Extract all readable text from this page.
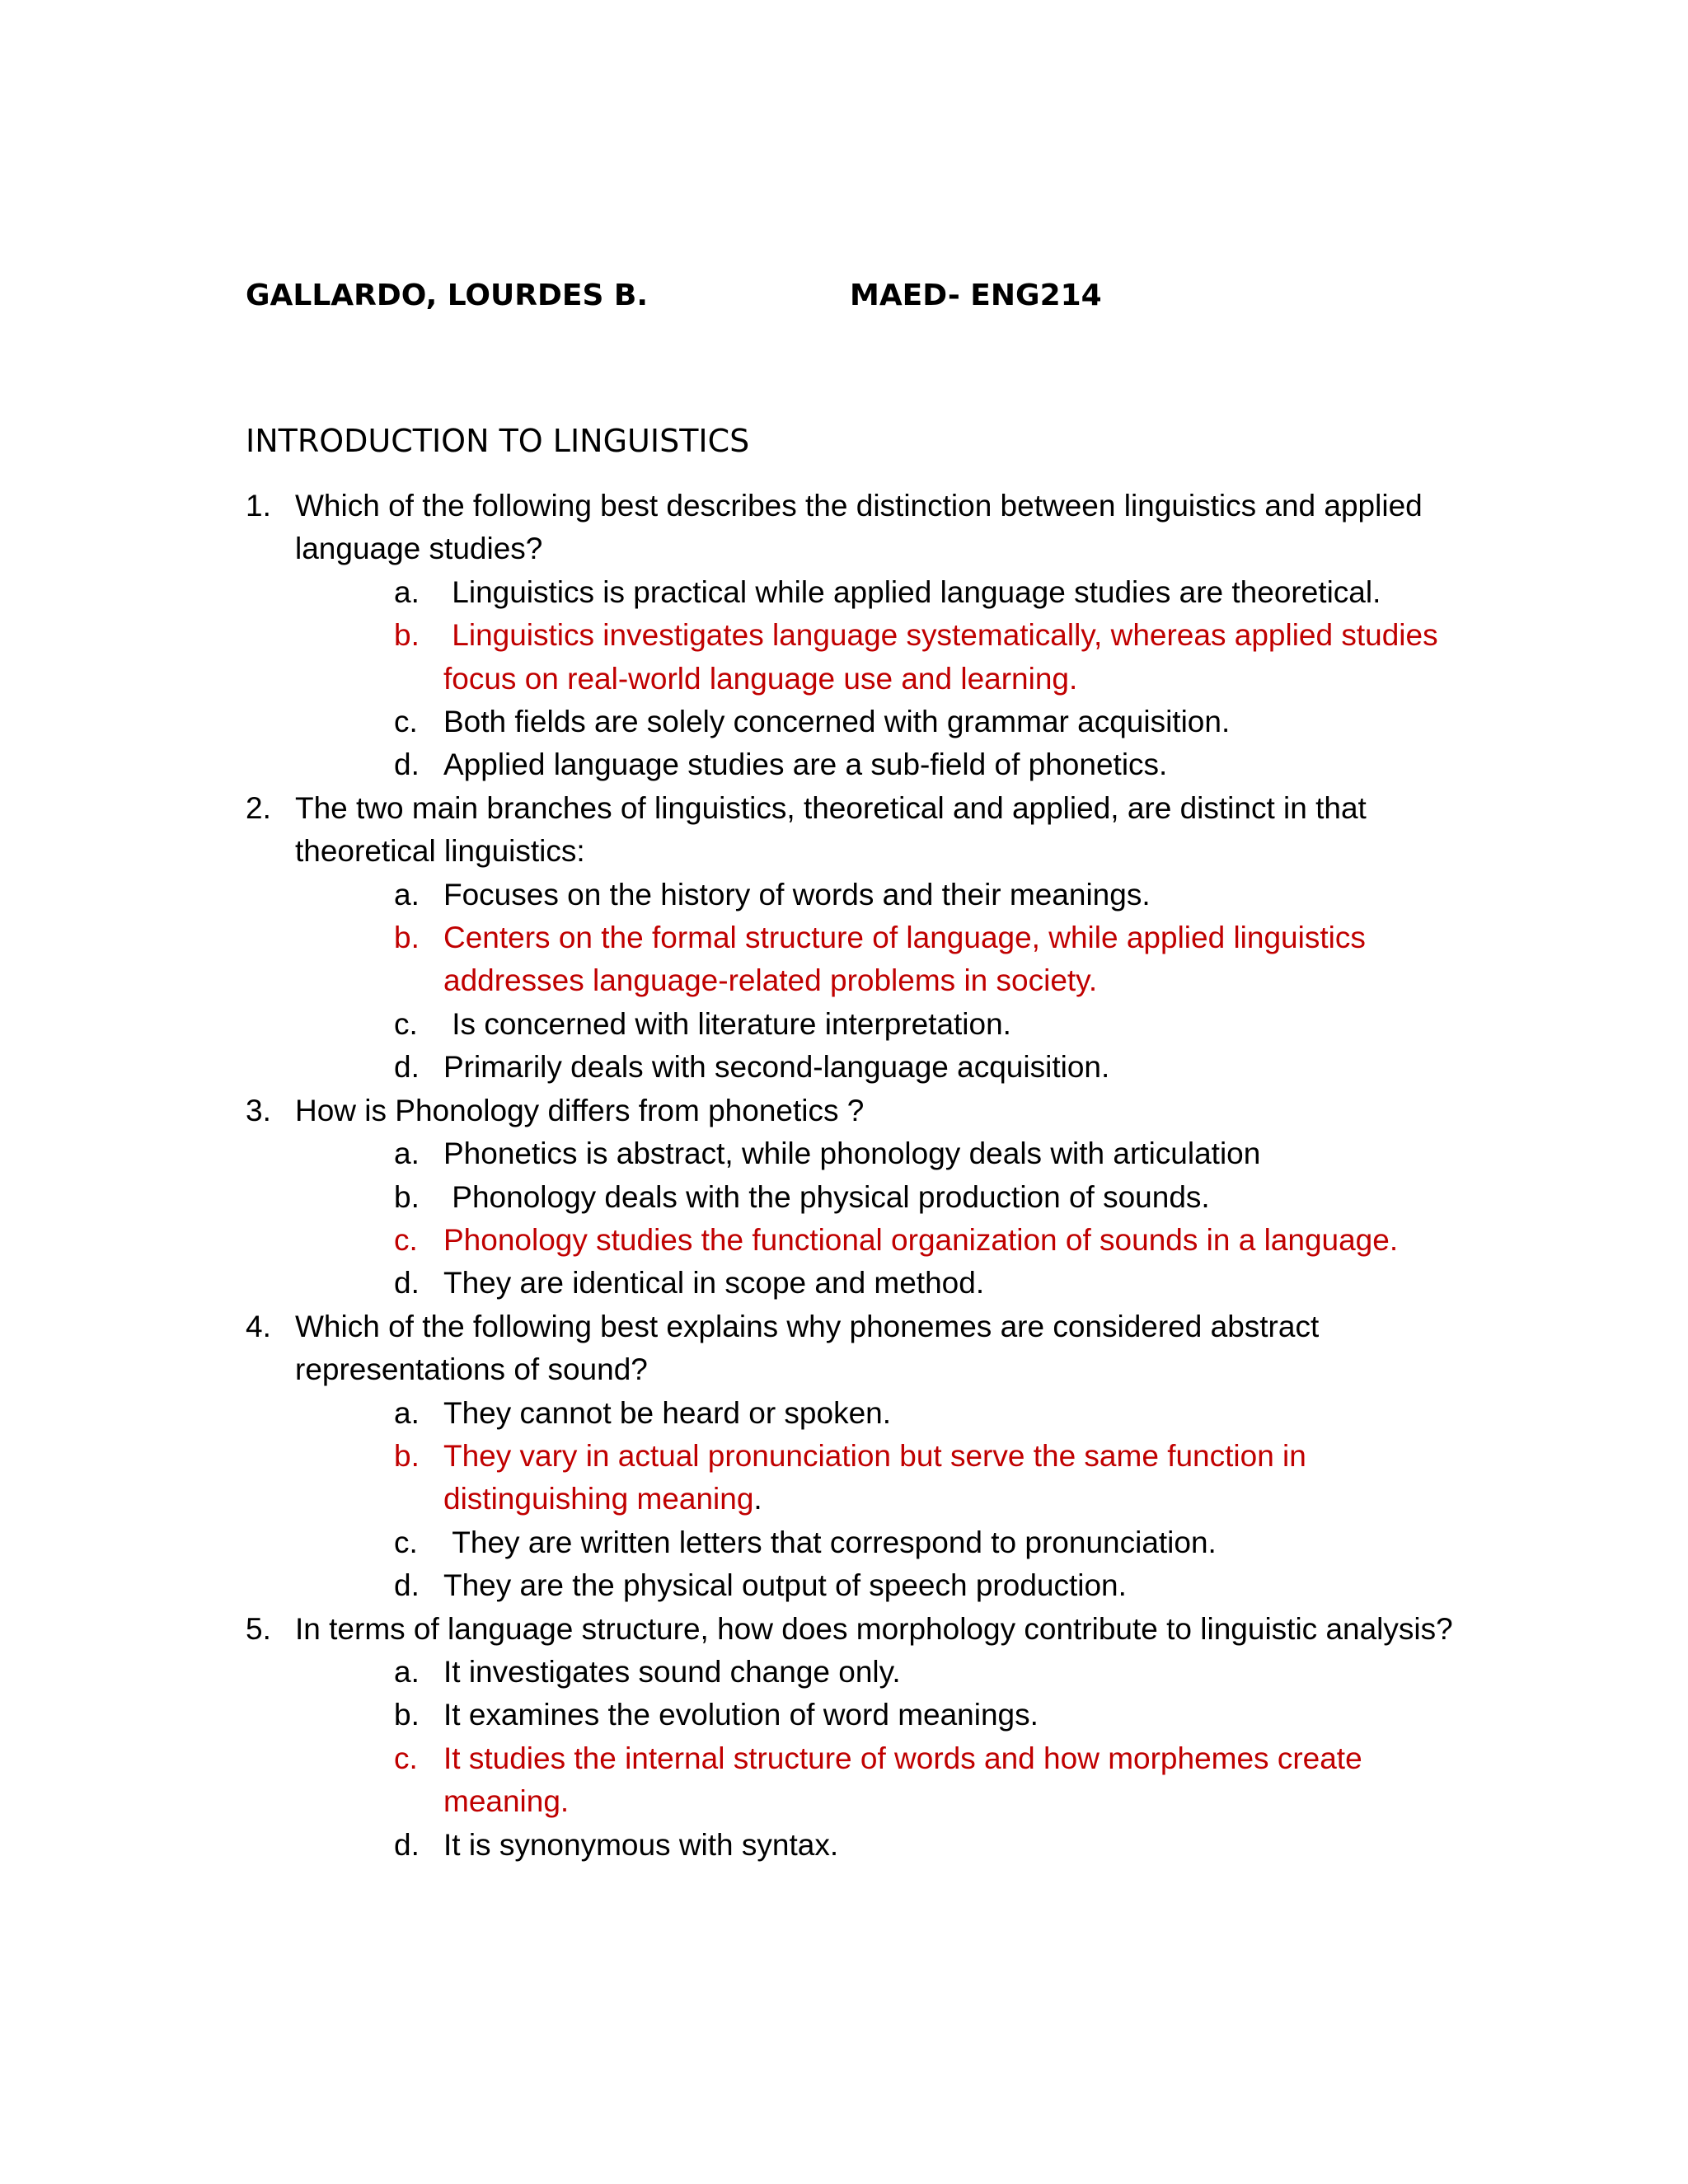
GALLARDO, LOURDES B.	MAED- ENG214
INTRODUCTION TO LINGUISTICS
1. Which of the following best describes the distinction between linguistics and applied language studies?
a. Linguistics is practical while applied language studies are theoretical.
b. Linguistics investigates language systematically, whereas applied studies focus on real-world language use and learning.
c. Both fields are solely concerned with grammar acquisition.
d. Applied language studies are a sub-field of phonetics.
2. The two main branches of linguistics, theoretical and applied, are distinct in that theoretical linguistics:
a. Focuses on the history of words and their meanings.
b. Centers on the formal structure of language, while applied linguistics addresses language-related problems in society.
c. Is concerned with literature interpretation.
d. Primarily deals with second-language acquisition.
3. How is Phonology differs from phonetics ?
a. Phonetics is abstract, while phonology deals with articulation
b. Phonology deals with the physical production of sounds.
c. Phonology studies the functional organization of sounds in a language.
d. They are identical in scope and method.
4. Which of the following best explains why phonemes are considered abstract representations of sound?
a. They cannot be heard or spoken.
b. They vary in actual pronunciation but serve the same function in distinguishing meaning.
c. They are written letters that correspond to pronunciation.
d. They are the physical output of speech production.
5. In terms of language structure, how does morphology contribute to linguistic analysis?
a. It investigates sound change only.
b. It examines the evolution of word meanings.
c. It studies the internal structure of words and how morphemes create meaning.
d. It is synonymous with syntax.
